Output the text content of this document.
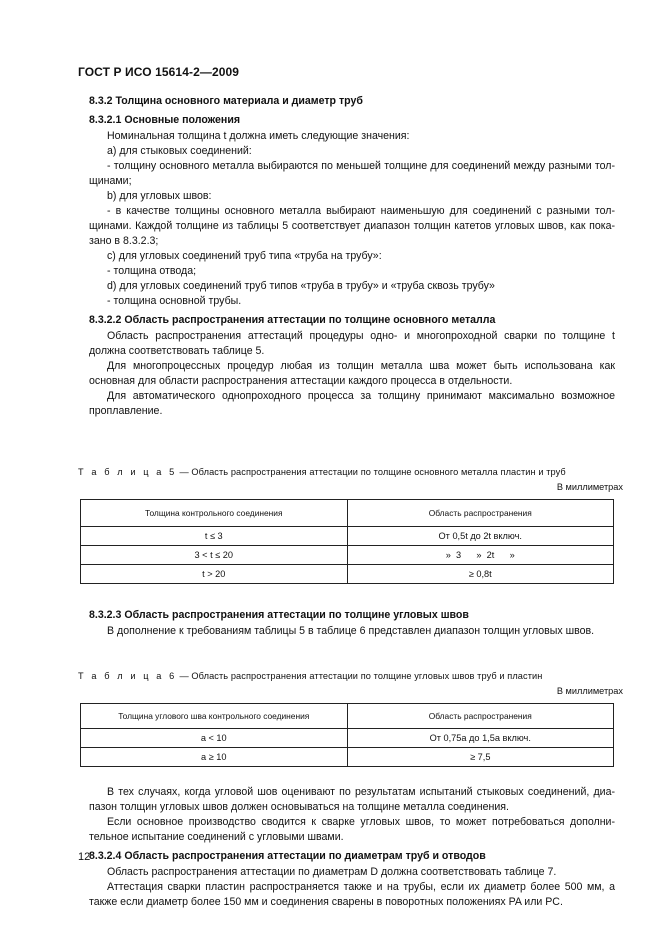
ГОСТ Р ИСО 15614-2—2009

8.3.2 Толщина основного материала и диаметр труб

8.3.2.1 Основные положения

Номинальная толщина t должна иметь следующие значения:

а) для стыковых соединений:

- толщину основного металла выбираются по меньшей толщине для соединений между разными тол-щинами;

b) для угловых швов:

- в качестве толщины основного металла выбирают наименьшую для соединений с разными тол-щинами. Каждой толщине из таблицы 5 соответствует диапазон толщин катетов угловых швов, как пока-зано в 8.3.2.3;

c) для угловых соединений труб типа «труба на трубу»:

- толщина отвода;

d) для угловых соединений труб типов «труба в трубу» и «труба сквозь трубу»

- толщина основной трубы.

8.3.2.2 Область распространения аттестации по толщине основного металла

Область распространения аттестаций процедуры одно- и многопроходной сварки по толщине t должна соответствовать таблице 5.

Для многопроцессных процедур любая из толщин металла шва может быть использована как основная для области распространения аттестации каждого процесса в отдельности.

Для автоматического однопроходного процесса за толщину принимают максимально возможное проплавление.

Т а б л и ц а 5 — Область распространения аттестации по толщине основного металла пластин и труб

В миллиметрах

Толщина контрольного соединения	Область распространения
t ≤ 3	От 0,5t до 2t включ.
3 < t ≤ 20	»  3      »  2t      »
t > 20	≥ 0,8t

8.3.2.3 Область распространения аттестации по толщине угловых швов

В дополнение к требованиям таблицы 5 в таблице 6 представлен диапазон толщин угловых швов.

Т а б л и ц а 6 — Область распространения аттестации по толщине угловых швов труб и пластин

В миллиметрах

Толщина углового шва контрольного соединения	Область распространения
a < 10	От 0,75a до 1,5a включ.
a ≥ 10	≥ 7,5

В тех случаях, когда угловой шов оценивают по результатам испытаний стыковых соединений, диа-пазон толщин угловых швов должен основываться на толщине металла соединения.

Если основное производство сводится к сварке угловых швов, то может потребоваться дополни-тельное испытание соединений с угловыми швами.

8.3.2.4 Область распространения аттестации по диаметрам труб и отводов

Область распространения аттестации по диаметрам D должна соответствовать таблице 7.

Аттестация сварки пластин распространяется также и на трубы, если их диаметр более 500 мм, а также если диаметр более 150 мм и соединения сварены в поворотных положениях PA или PC.

12
